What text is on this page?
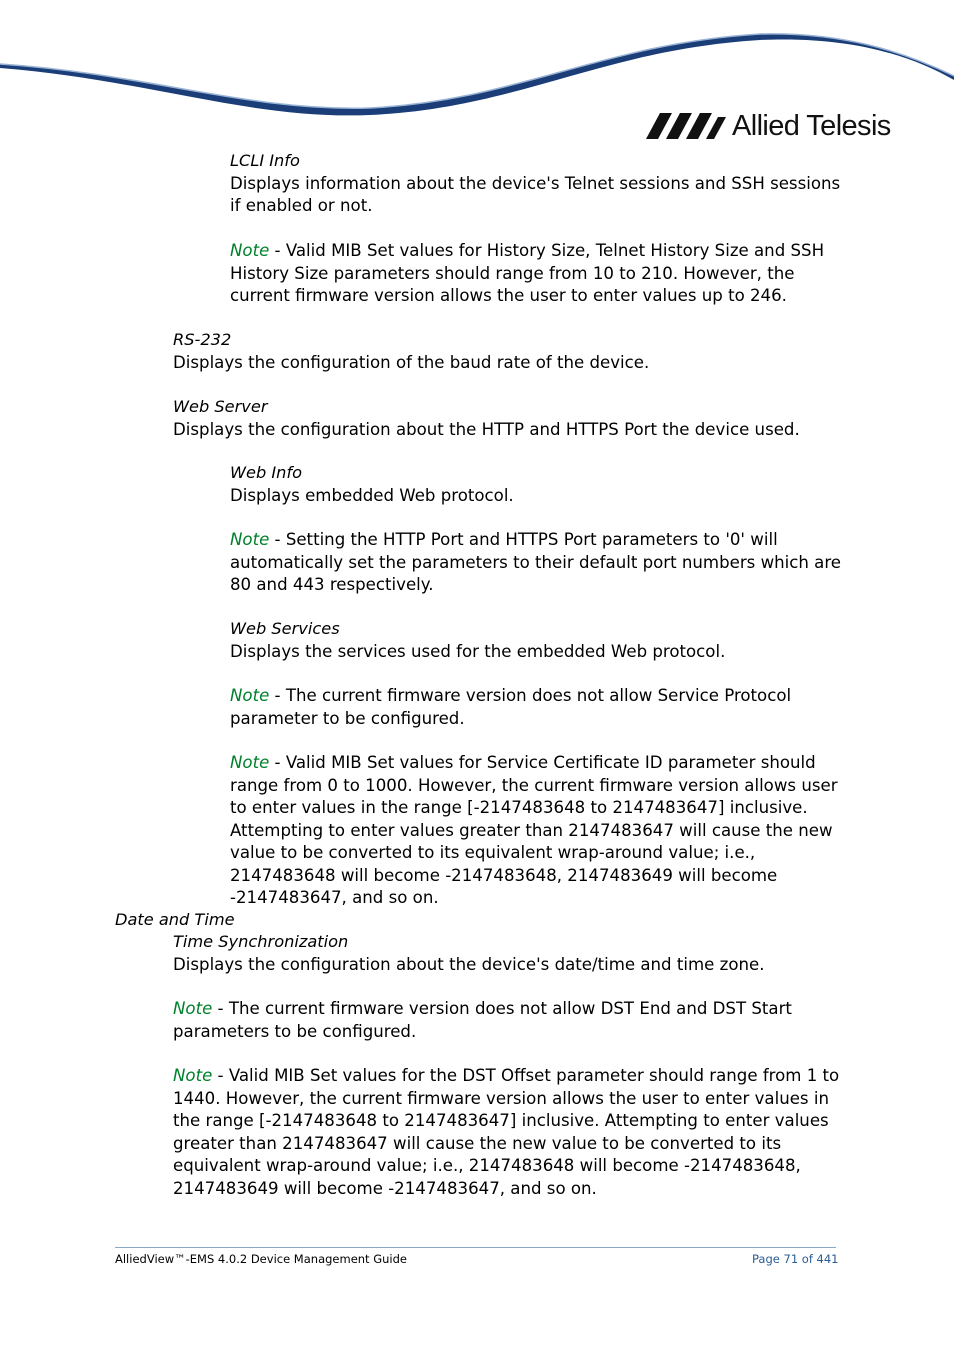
Allied Telesis
LCLI Info

Displays information about the device's Telnet sessions and SSH sessions if enabled or not.

Note - Valid MIB Set values for History Size, Telnet History Size and SSH History Size parameters should range from 10 to 210. However, the current firmware version allows the user to enter values up to 246.

RS-232

Displays the configuration of the baud rate of the device.

Web Server

Displays the configuration about the HTTP and HTTPS Port the device used.

Web Info

Displays embedded Web protocol.

Note - Setting the HTTP Port and HTTPS Port parameters to '0' will automatically set the parameters to their default port numbers which are 80 and 443 respectively.

Web Services

Displays the services used for the embedded Web protocol.

Note - The current firmware version does not allow Service Protocol parameter to be configured.

Note - Valid MIB Set values for Service Certificate ID parameter should range from 0 to 1000. However, the current firmware version allows user to enter values in the range [-2147483648 to 2147483647] inclusive. Attempting to enter values greater than 2147483647 will cause the new value to be converted to its equivalent wrap-around value; i.e., 2147483648 will become -2147483648, 2147483649 will become -2147483647, and so on.

Date and Time
Time Synchronization

Displays the configuration about the device's date/time and time zone.

Note - The current firmware version does not allow DST End and DST Start parameters to be configured.

Note - Valid MIB Set values for the DST Offset parameter should range from 1 to 1440. However, the current firmware version allows the user to enter values in the range [-2147483648 to 2147483647] inclusive. Attempting to enter values greater than 2147483647 will cause the new value to be converted to its equivalent wrap-around value; i.e., 2147483648 will become -2147483648, 2147483649 will become -2147483647, and so on.

AlliedView™-EMS 4.0.2 Device Management Guide	Page 71 of 441
